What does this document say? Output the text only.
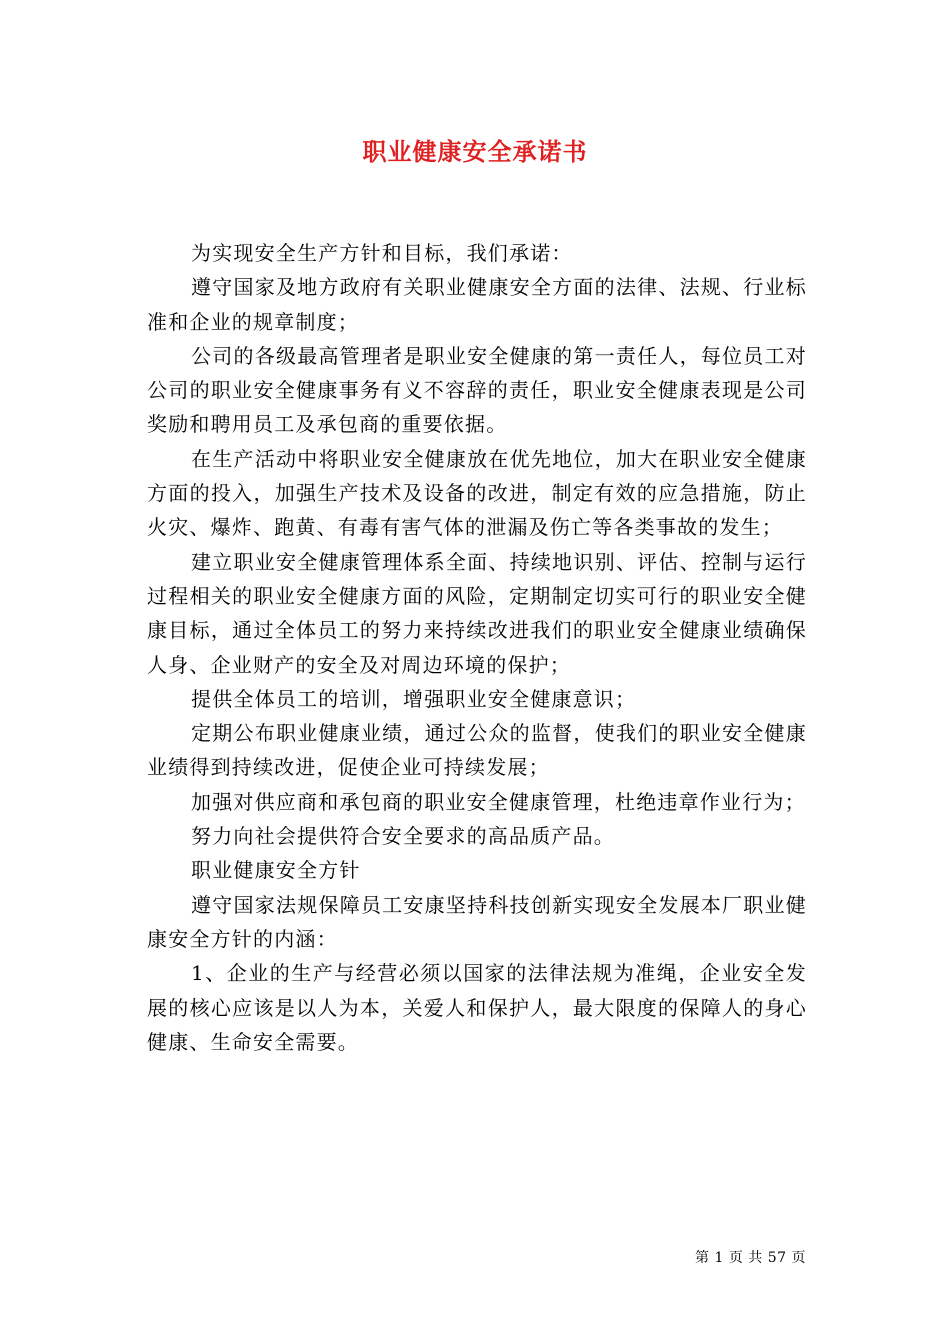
职业健康安全承诺书

为实现安全生产方针和目标，我们承诺：

遵守国家及地方政府有关职业健康安全方面的法律、法规、行业标准和企业的规章制度；

公司的各级最高管理者是职业安全健康的第一责任人，每位员工对公司的职业安全健康事务有义不容辞的责任，职业安全健康表现是公司奖励和聘用员工及承包商的重要依据。

在生产活动中将职业安全健康放在优先地位，加大在职业安全健康方面的投入，加强生产技术及设备的改进，制定有效的应急措施，防止火灾、爆炸、跑黄、有毒有害气体的泄漏及伤亡等各类事故的发生；

建立职业安全健康管理体系全面、持续地识别、评估、控制与运行过程相关的职业安全健康方面的风险，定期制定切实可行的职业安全健康目标，通过全体员工的努力来持续改进我们的职业安全健康业绩确保人身、企业财产的安全及对周边环境的保护；

提供全体员工的培训，增强职业安全健康意识；

定期公布职业健康业绩，通过公众的监督，使我们的职业安全健康业绩得到持续改进，促使企业可持续发展；

加强对供应商和承包商的职业安全健康管理，杜绝违章作业行为；

努力向社会提供符合安全要求的高品质产品。

职业健康安全方针

遵守国家法规保障员工安康坚持科技创新实现安全发展本厂职业健康安全方针的内涵：

1、企业的生产与经营必须以国家的法律法规为准绳，企业安全发展的核心应该是以人为本，关爱人和保护人，最大限度的保障人的身心健康、生命安全需要。

第 1 页 共 57 页
